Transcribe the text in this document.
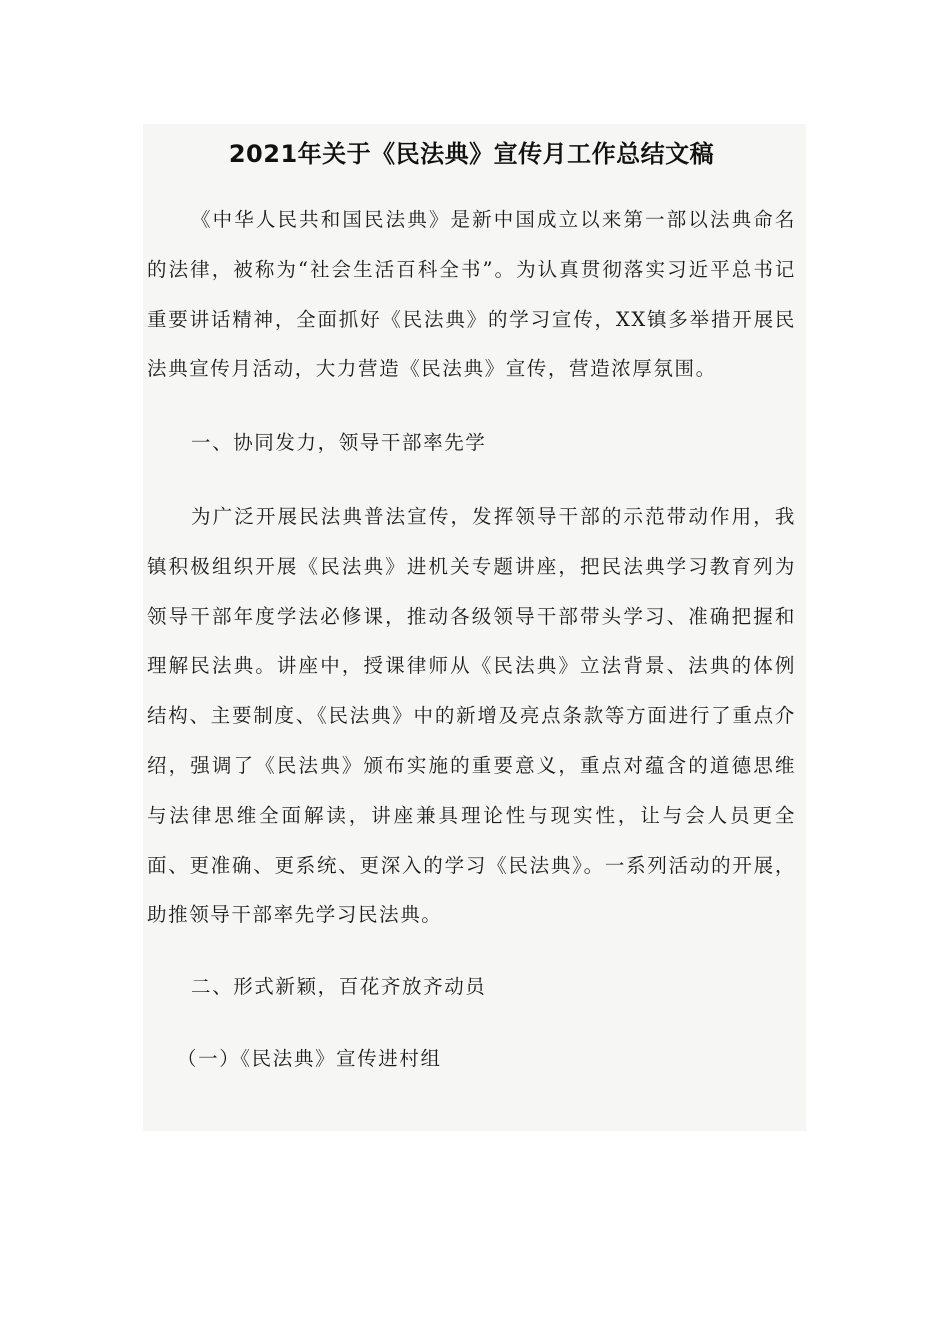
2021年关于《民法典》宣传月工作总结文稿

《中华人民共和国民法典》是新中国成立以来第一部以法典命名的法律，被称为“社会生活百科全书”。为认真贯彻落实习近平总书记重要讲话精神，全面抓好《民法典》的学习宣传，XX镇多举措开展民法典宣传月活动，大力营造《民法典》宣传，营造浓厚氛围。

一、协同发力，领导干部率先学

为广泛开展民法典普法宣传，发挥领导干部的示范带动作用，我镇积极组织开展《民法典》进机关专题讲座，把民法典学习教育列为领导干部年度学法必修课，推动各级领导干部带头学习、准确把握和理解民法典。讲座中，授课律师从《民法典》立法背景、法典的体例结构、主要制度、《民法典》中的新增及亮点条款等方面进行了重点介绍，强调了《民法典》颁布实施的重要意义，重点对蕴含的道德思维与法律思维全面解读，讲座兼具理论性与现实性，让与会人员更全面、更准确、更系统、更深入的学习《民法典》。一系列活动的开展，助推领导干部率先学习民法典。

二、形式新颖，百花齐放齐动员

（一）《民法典》宣传进村组
